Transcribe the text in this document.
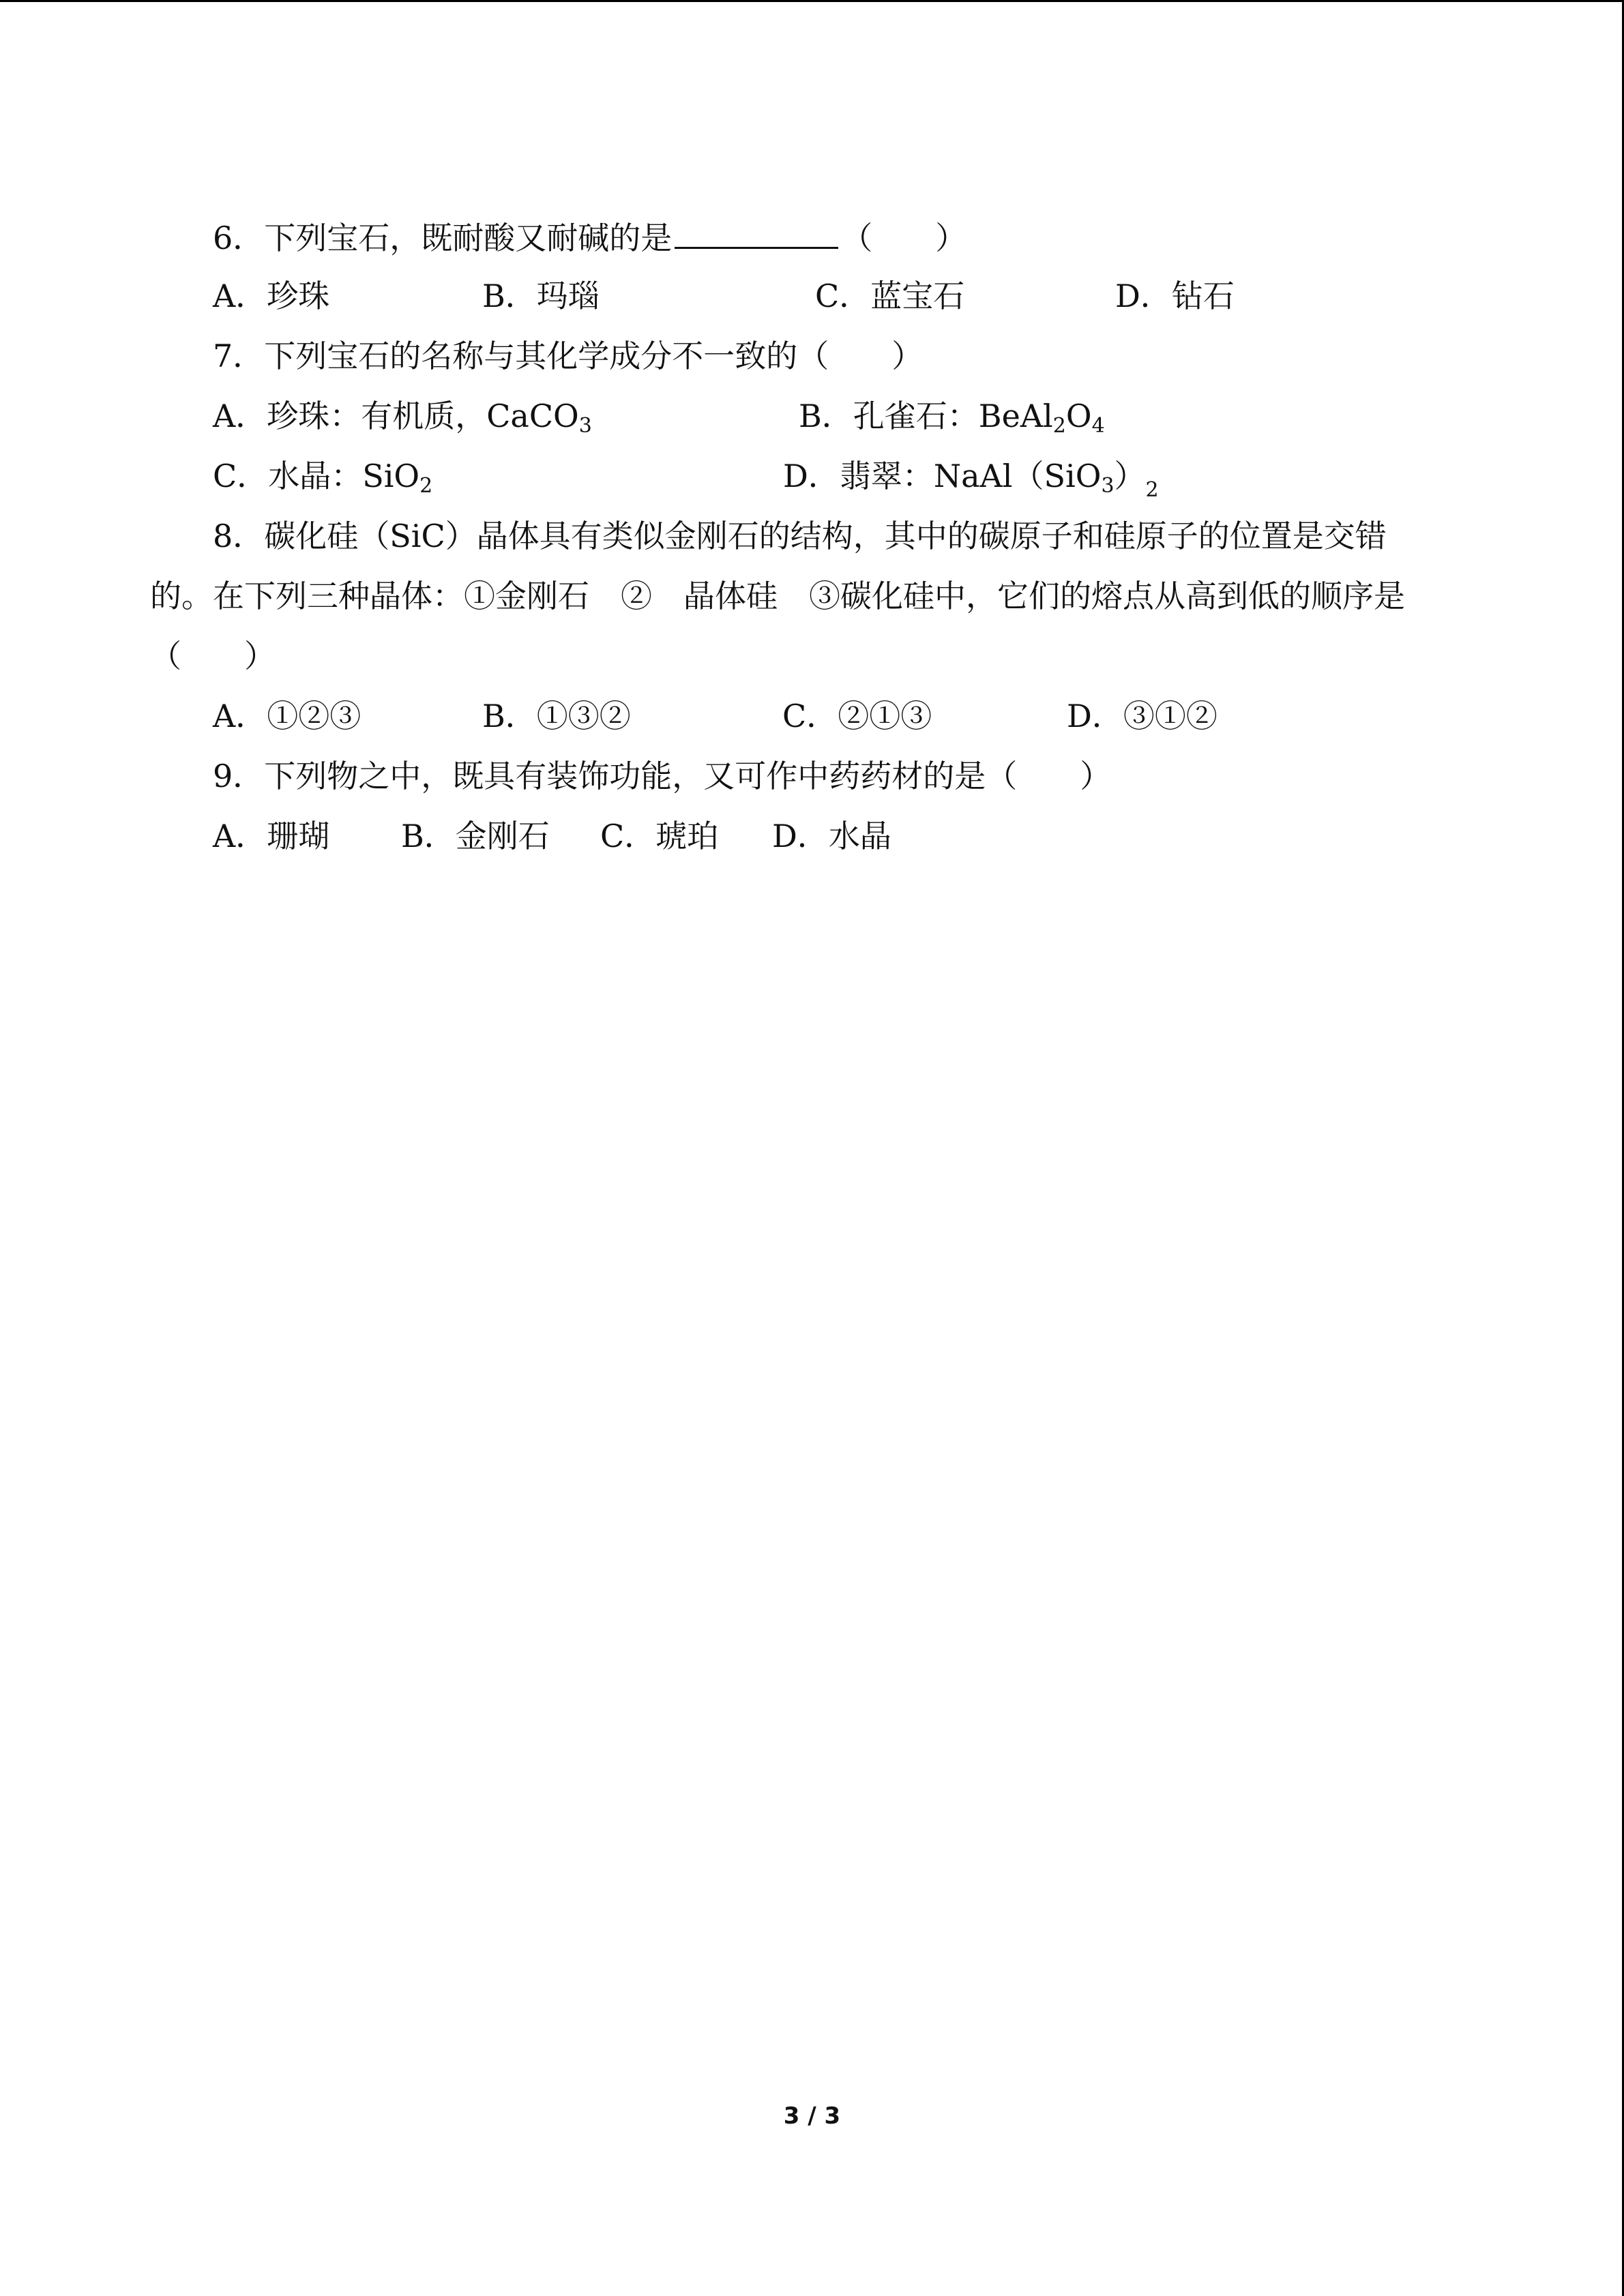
6．下列宝石，既耐酸又耐碱的是	（　　）
A．珍珠	B．玛瑙	C．蓝宝石	D．钻石
7．下列宝石的名称与其化学成分不一致的（　　）
A．珍珠：有机质，CaCO$_3$	B．孔雀石：$BeAl_2O_4$
C．水晶：SiO$_2$	D．翡翠：$NaAl(SiO_3)_2$
8．碳化硅（SiC）晶体具有类似金刚石的结构，其中的碳原子和硅原子的位置是交错
的。在下列三种晶体：①金刚石　②　晶体硅　③碳化硅中，它们的熔点从高到低的顺序是
（　　）
A．①②③	B．①③②	C．②①③	D．③①②
9．下列物之中，既具有装饰功能，又可作中药药材的是（　　）
A．珊瑚 B．金刚石 C．琥珀 D．水晶
3 / 3
